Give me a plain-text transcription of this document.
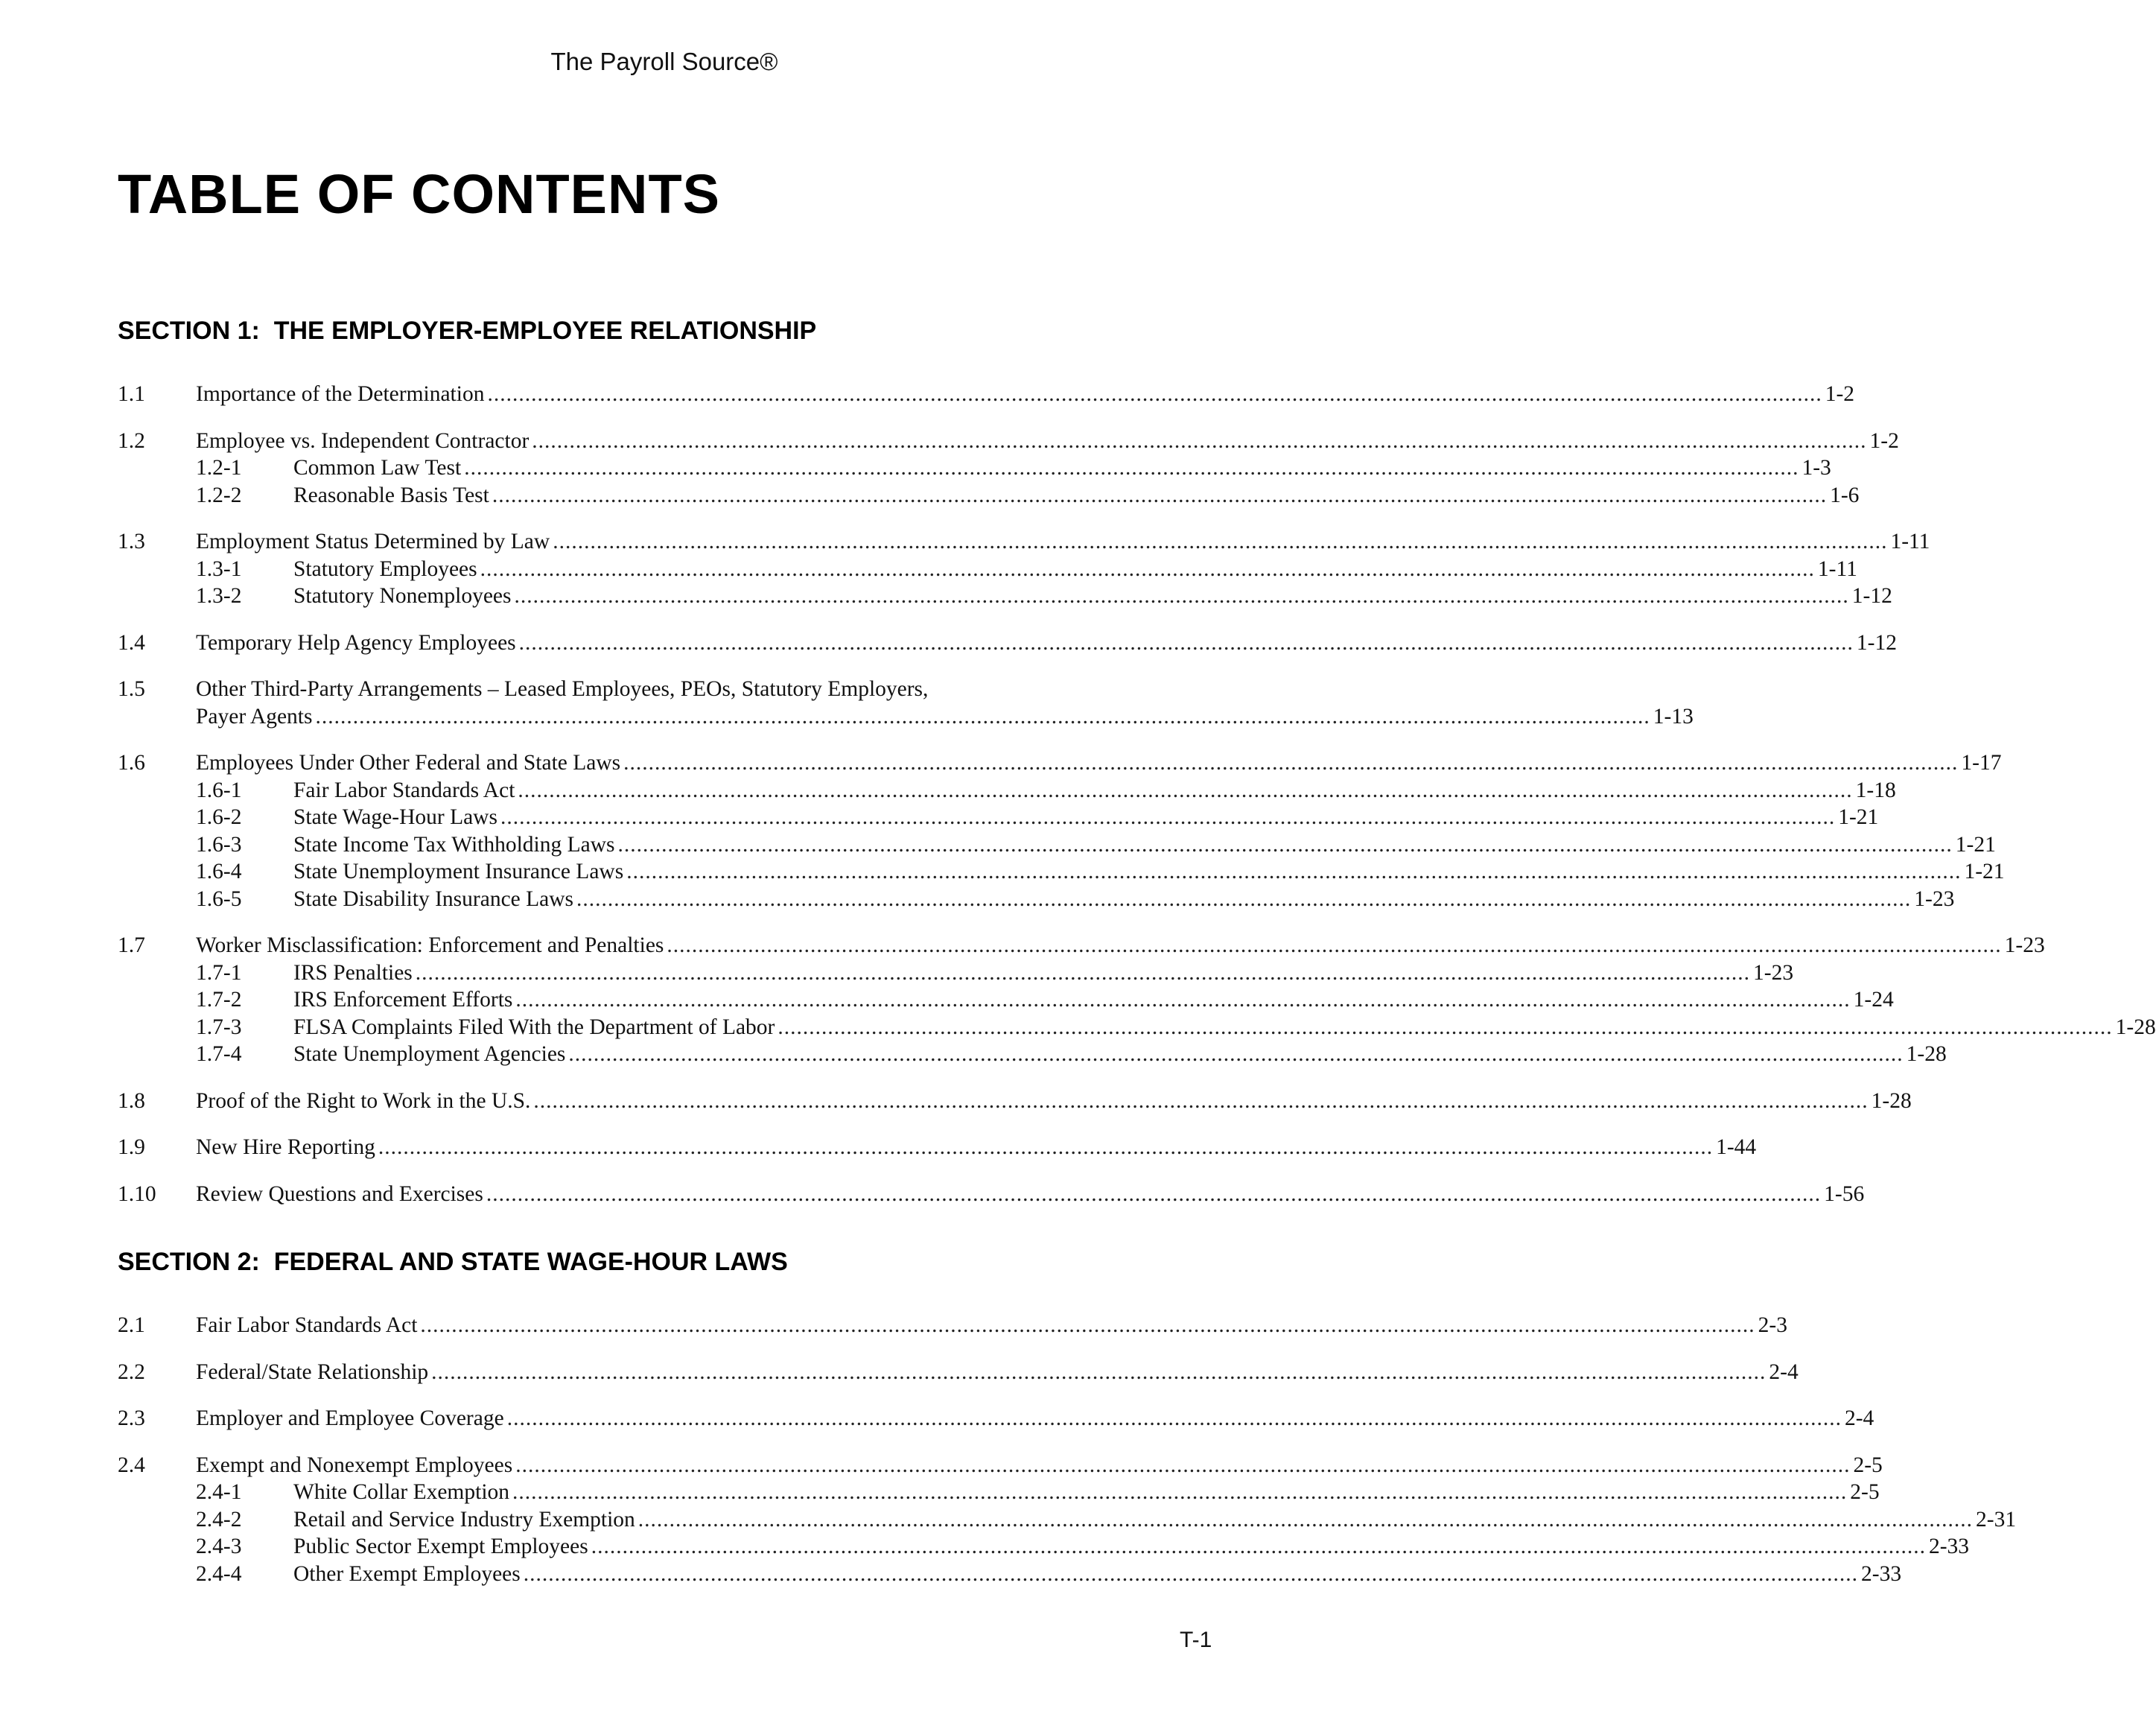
The Payroll Source®
TABLE OF CONTENTS
SECTION 1:  THE EMPLOYER-EMPLOYEE RELATIONSHIP
1.1	Importance of the Determination ...................................................................................................................................................................................................................... 1-2
1.2	Employee vs. Independent Contractor ...................................................................................................................................................................................................................... 1-2
1.2-1	Common Law Test ...................................................................................................................................................................................................................... 1-3
1.2-2	Reasonable Basis Test ...................................................................................................................................................................................................................... 1-6
1.3	Employment Status Determined by Law ...................................................................................................................................................................................................................... 1-11
1.3-1	Statutory Employees ...................................................................................................................................................................................................................... 1-11
1.3-2	Statutory Nonemployees ...................................................................................................................................................................................................................... 1-12
1.4	Temporary Help Agency Employees ...................................................................................................................................................................................................................... 1-12
1.5	Other Third-Party Arrangements – Leased Employees, PEOs, Statutory Employers,
Payer Agents ...................................................................................................................................................................................................................... 1-13
1.6	Employees Under Other Federal and State Laws ...................................................................................................................................................................................................................... 1-17
1.6-1	Fair Labor Standards Act ...................................................................................................................................................................................................................... 1-18
1.6-2	State Wage-Hour Laws ...................................................................................................................................................................................................................... 1-21
1.6-3	State Income Tax Withholding Laws ...................................................................................................................................................................................................................... 1-21
1.6-4	State Unemployment Insurance Laws ...................................................................................................................................................................................................................... 1-21
1.6-5	State Disability Insurance Laws ...................................................................................................................................................................................................................... 1-23
1.7	Worker Misclassification: Enforcement and Penalties ...................................................................................................................................................................................................................... 1-23
1.7-1	IRS Penalties ...................................................................................................................................................................................................................... 1-23
1.7-2	IRS Enforcement Efforts ...................................................................................................................................................................................................................... 1-24
1.7-3	FLSA Complaints Filed With the Department of Labor ...................................................................................................................................................................................................................... 1-28
1.7-4	State Unemployment Agencies ...................................................................................................................................................................................................................... 1-28
1.8	Proof of the Right to Work in the U.S. ...................................................................................................................................................................................................................... 1-28
1.9	New Hire Reporting ...................................................................................................................................................................................................................... 1-44
1.10	Review Questions and Exercises ...................................................................................................................................................................................................................... 1-56
SECTION 2:  FEDERAL AND STATE WAGE-HOUR LAWS
2.1	Fair Labor Standards Act ...................................................................................................................................................................................................................... 2-3
2.2	Federal/State Relationship ...................................................................................................................................................................................................................... 2-4
2.3	Employer and Employee Coverage ...................................................................................................................................................................................................................... 2-4
2.4	Exempt and Nonexempt Employees ...................................................................................................................................................................................................................... 2-5
2.4-1	White Collar Exemption ...................................................................................................................................................................................................................... 2-5
2.4-2	Retail and Service Industry Exemption ...................................................................................................................................................................................................................... 2-31
2.4-3	Public Sector Exempt Employees ...................................................................................................................................................................................................................... 2-33
2.4-4	Other Exempt Employees ...................................................................................................................................................................................................................... 2-33
T-1
